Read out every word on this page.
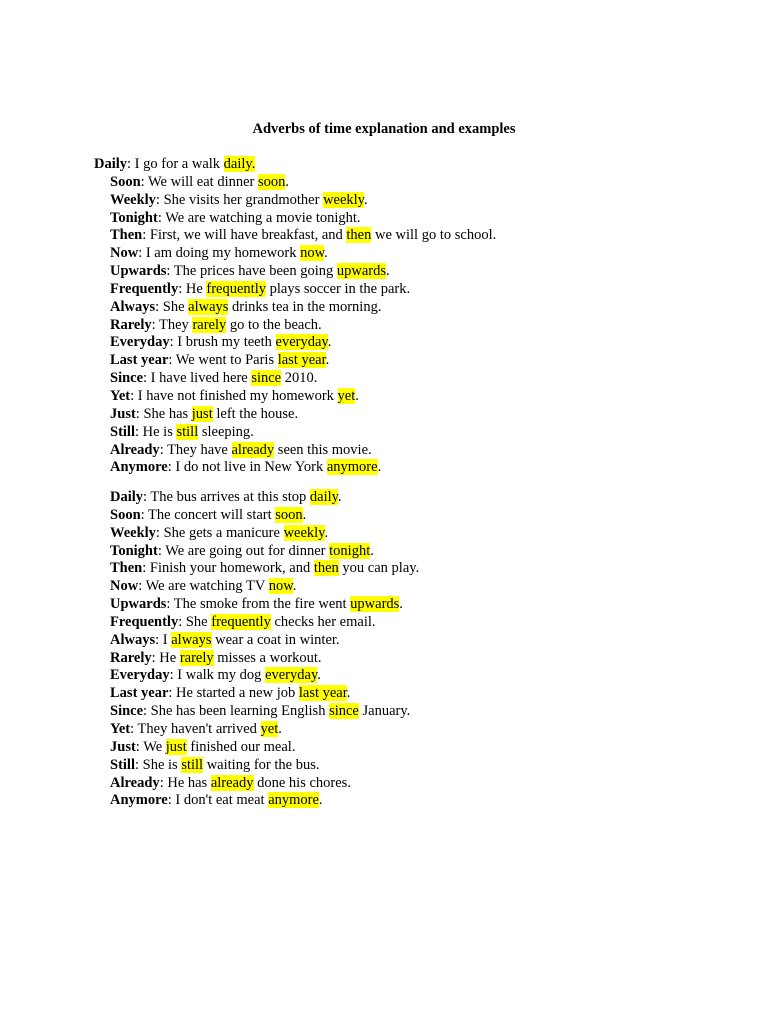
Adverbs of time explanation and examples
Daily: I go for a walk daily.
Soon: We will eat dinner soon.
Weekly: She visits her grandmother weekly.
Tonight: We are watching a movie tonight.
Then: First, we will have breakfast, and then we will go to school.
Now: I am doing my homework now.
Upwards: The prices have been going upwards.
Frequently: He frequently plays soccer in the park.
Always: She always drinks tea in the morning.
Rarely: They rarely go to the beach.
Everyday: I brush my teeth everyday.
Last year: We went to Paris last year.
Since: I have lived here since 2010.
Yet: I have not finished my homework yet.
Just: She has just left the house.
Still: He is still sleeping.
Already: They have already seen this movie.
Anymore: I do not live in New York anymore.
Daily: The bus arrives at this stop daily.
Soon: The concert will start soon.
Weekly: She gets a manicure weekly.
Tonight: We are going out for dinner tonight.
Then: Finish your homework, and then you can play.
Now: We are watching TV now.
Upwards: The smoke from the fire went upwards.
Frequently: She frequently checks her email.
Always: I always wear a coat in winter.
Rarely: He rarely misses a workout.
Everyday: I walk my dog everyday.
Last year: He started a new job last year.
Since: She has been learning English since January.
Yet: They haven't arrived yet.
Just: We just finished our meal.
Still: She is still waiting for the bus.
Already: He has already done his chores.
Anymore: I don't eat meat anymore.
